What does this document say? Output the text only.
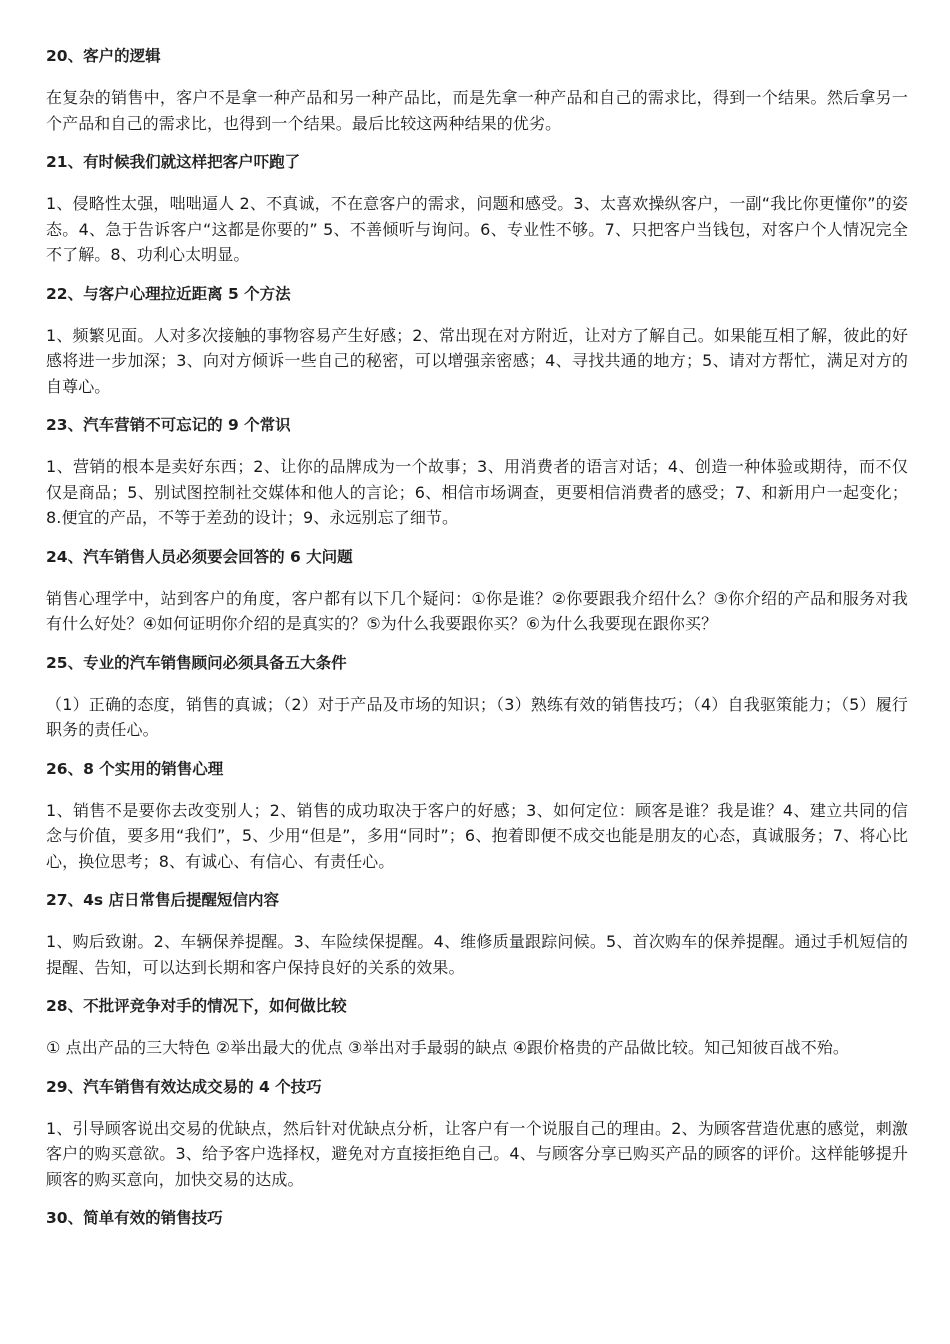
20、客户的逻辑

在复杂的销售中，客户不是拿一种产品和另一种产品比，而是先拿一种产品和自己的需求比，得到一个结果。然后拿另一个产品和自己的需求比，也得到一个结果。最后比较这两种结果的优劣。

21、有时候我们就这样把客户吓跑了

1、侵略性太强，咄咄逼人 2、不真诚，不在意客户的需求，问题和感受。3、太喜欢操纵客户，一副“我比你更懂你”的姿态。4、急于告诉客户“这都是你要的” 5、不善倾听与询问。6、专业性不够。7、只把客户当钱包，对客户个人情况完全不了解。8、功利心太明显。

22、与客户心理拉近距离 5 个方法

1、频繁见面。人对多次接触的事物容易产生好感；2、常出现在对方附近，让对方了解自己。如果能互相了解，彼此的好感将进一步加深；3、向对方倾诉一些自己的秘密，可以增强亲密感；4、寻找共通的地方；5、请对方帮忙，满足对方的自尊心。

23、汽车营销不可忘记的 9 个常识

1、营销的根本是卖好东西；2、让你的品牌成为一个故事；3、用消费者的语言对话；4、创造一种体验或期待，而不仅仅是商品；5、别试图控制社交媒体和他人的言论；6、相信市场调查，更要相信消费者的感受；7、和新用户一起变化；8.便宜的产品，不等于差劲的设计；9、永远别忘了细节。

24、汽车销售人员必须要会回答的 6 大问题

销售心理学中，站到客户的角度，客户都有以下几个疑问：①你是谁？②你要跟我介绍什么？③你介绍的产品和服务对我有什么好处？④如何证明你介绍的是真实的？⑤为什么我要跟你买？⑥为什么我要现在跟你买？

25、专业的汽车销售顾问必须具备五大条件

（1）正确的态度，销售的真诚；（2）对于产品及市场的知识；（3）熟练有效的销售技巧；（4）自我驱策能力；（5）履行职务的责任心。

26、8 个实用的销售心理

1、销售不是要你去改变别人；2、销售的成功取决于客户的好感；3、如何定位：顾客是谁？我是谁？4、建立共同的信念与价值，要多用“我们”，5、少用“但是”，多用“同时”；6、抱着即便不成交也能是朋友的心态，真诚服务；7、将心比心，换位思考；8、有诚心、有信心、有责任心。

27、4s 店日常售后提醒短信内容

1、购后致谢。2、车辆保养提醒。3、车险续保提醒。4、维修质量跟踪问候。5、首次购车的保养提醒。通过手机短信的提醒、告知，可以达到长期和客户保持良好的关系的效果。

28、不批评竞争对手的情况下，如何做比较

① 点出产品的三大特色 ②举出最大的优点 ③举出对手最弱的缺点 ④跟价格贵的产品做比较。知己知彼百战不殆。

29、汽车销售有效达成交易的 4 个技巧

1、引导顾客说出交易的优缺点，然后针对优缺点分析，让客户有一个说服自己的理由。2、为顾客营造优惠的感觉，刺激客户的购买意欲。3、给予客户选择权，避免对方直接拒绝自己。4、与顾客分享已购买产品的顾客的评价。这样能够提升顾客的购买意向，加快交易的达成。

30、简单有效的销售技巧
